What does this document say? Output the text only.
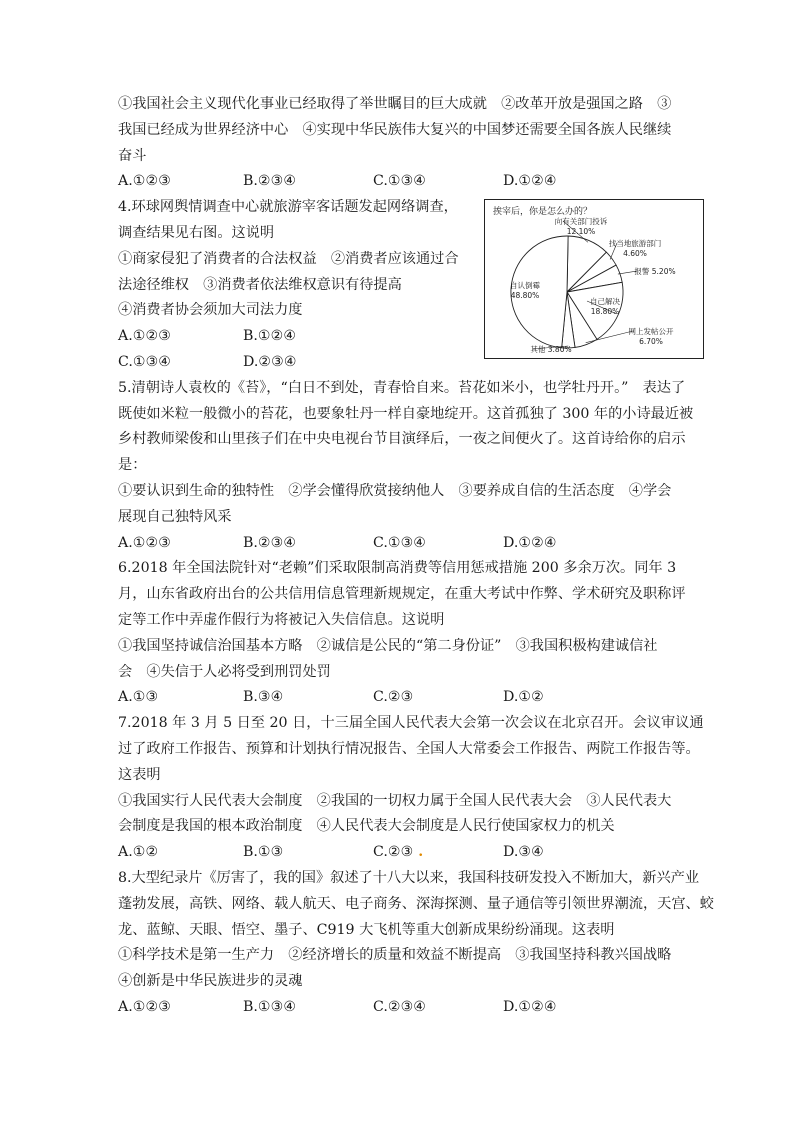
①我国社会主义现代化事业已经取得了举世瞩目的巨大成就　②改革开放是强国之路　③
我国已经成为世界经济中心　④实现中华民族伟大复兴的中国梦还需要全国各族人民继续
奋斗
A.①②③	B.②③④	C.①③④	D.①②④
4.环球网舆情调查中心就旅游宰客话题发起网络调查，
调查结果见右图。这说明
①商家侵犯了消费者的合法权益　②消费者应该通过合
法途径维权　③消费者依法维权意识有待提高
④消费者协会须加大司法力度
A.①②③	B.①②④
C.①③④	D.②③④
挨宰后，你是怎么办的？
向有关部门投诉
12.10%
找当地旅游部门
4.60%
报警 5.20%
自己解决
18.80%
网上发帖公开
6.70%
其他 3.80%
自认倒霉
48.80%
5.清朝诗人袁枚的《苔》，“白日不到处，青春恰自来。苔花如米小，也学牡丹开。”　表达了
既使如米粒一般微小的苔花，也要象牡丹一样自豪地绽开。这首孤独了 300 年的小诗最近被
乡村教师梁俊和山里孩子们在中央电视台节目演绎后，一夜之间便火了。这首诗给你的启示
是：
①要认识到生命的独特性　②学会懂得欣赏接纳他人　③要养成自信的生活态度　④学会
展现自己独特风采
A.①②③	B.②③④	C.①③④	D.①②④
6.2018 年全国法院针对“老赖”们采取限制高消费等信用惩戒措施 200 多余万次。同年 3
月，山东省政府出台的公共信用信息管理新规规定，在重大考试中作弊、学术研究及职称评
定等工作中弄虚作假行为将被记入失信信息。这说明
①我国坚持诚信治国基本方略　②诚信是公民的“第二身份证”　③我国积极构建诚信社
会　④失信于人必将受到刑罚处罚
A.①③	B.③④	C.②③	D.①②
7.2018 年 3 月 5 日至 20 日，十三届全国人民代表大会第一次会议在北京召开。会议审议通
过了政府工作报告、预算和计划执行情况报告、全国人大常委会工作报告、两院工作报告等。
这表明
①我国实行人民代表大会制度　②我国的一切权力属于全国人民代表大会　③人民代表大
会制度是我国的根本政治制度　④人民代表大会制度是人民行使国家权力的机关
A.①②	B.①③	C.②③ .	D.③④
8.大型纪录片《厉害了，我的国》叙述了十八大以来，我国科技研发投入不断加大，新兴产业
蓬勃发展，高铁、网络、载人航天、电子商务、深海探测、量子通信等引领世界潮流，天宫、蛟
龙、蓝鲸、天眼、悟空、墨子、C919 大飞机等重大创新成果纷纷涌现。这表明
①科学技术是第一生产力　②经济增长的质量和效益不断提高　③我国坚持科教兴国战略
④创新是中华民族进步的灵魂
A.①②③	B.①③④	C.②③④	D.①②④
